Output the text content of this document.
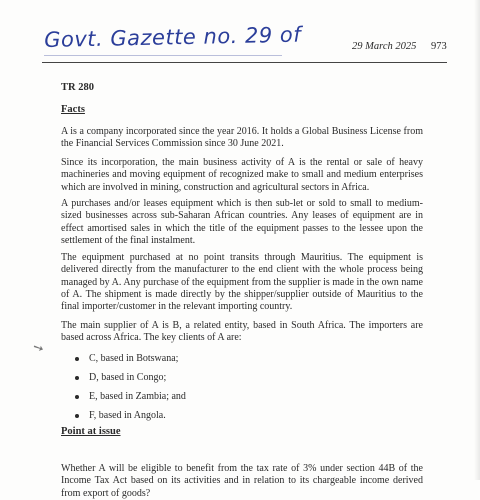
Govt. Gazette no. 29 of	29 March 2025 973
TR 280
Facts

A is a company incorporated since the year 2016. It holds a Global Business License from the Financial Services Commission since 30 June 2021.

Since its incorporation, the main business activity of A is the rental or sale of heavy machineries and moving equipment of recognized make to small and medium enterprises which are involved in mining, construction and agricultural sectors in Africa.

A purchases and/or leases equipment which is then sub-let or sold to small to medium-sized businesses across sub-Saharan African countries. Any leases of equipment are in effect amortised sales in which the title of the equipment passes to the lessee upon the settlement of the final instalment.

The equipment purchased at no point transits through Mauritius. The equipment is delivered directly from the manufacturer to the end client with the whole process being managed by A. Any purchase of the equipment from the supplier is made in the own name of A. The shipment is made directly by the shipper/supplier outside of Mauritius to the final importer/customer in the relevant importing country.

The main supplier of A is B, a related entity, based in South Africa. The importers are based across Africa. The key clients of A are:

➘
C, based in Botswana;
D, based in Congo;
E, based in Zambia; and
F, based in Angola.
Point at issue

Whether A will be eligible to benefit from the tax rate of 3% under section 44B of the Income Tax Act based on its activities and in relation to its chargeable income derived from export of goods?
